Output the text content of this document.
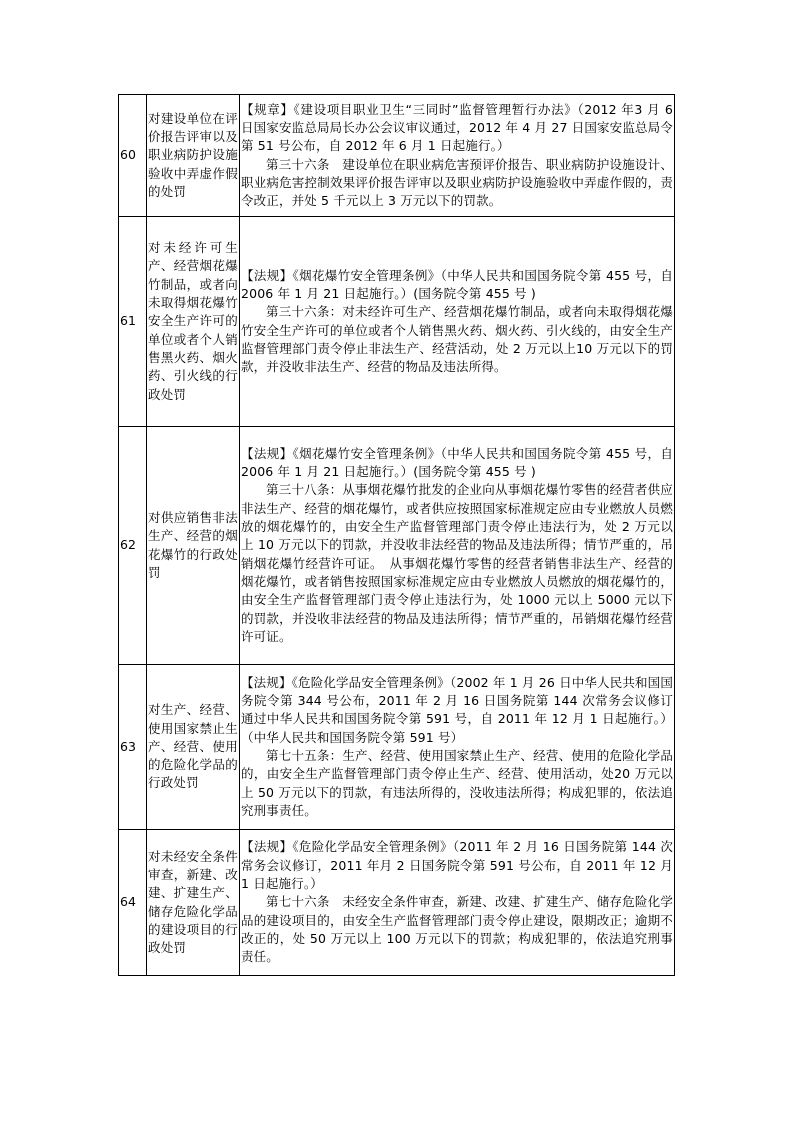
60	对建设单位在评价报告评审以及职业病防护设施验收中弄虚作假的处罚	【规章】《建设项目职业卫生“三同时”监督管理暂行办法》（2012 年3 月 6 日国家安监总局局长办公会议审议通过，2012 年 4 月 27 日国家安监总局令第 51 号公布，自 2012 年 6 月 1 日起施行。）

第三十六条　建设单位在职业病危害预评价报告、职业病防护设施设计、职业病危害控制效果评价报告评审以及职业病防护设施验收中弄虚作假的，责令改正，并处 5 千元以上 3 万元以下的罚款。

61	对未经许可生产、经营烟花爆竹制品，或者向未取得烟花爆竹安全生产许可的单位或者个人销售黑火药、烟火药、引火线的行政处罚	【法规】《烟花爆竹安全管理条例》（中华人民共和国国务院令第 455 号，自 2006 年 1 月 21 日起施行。）(国务院令第 455 号 )

第三十六条：对未经许可生产、经营烟花爆竹制品，或者向未取得烟花爆竹安全生产许可的单位或者个人销售黑火药、烟火药、引火线的，由安全生产监督管理部门责令停止非法生产、经营活动，处 2 万元以上10 万元以下的罚款，并没收非法生产、经营的物品及违法所得。

62	对供应销售非法生产、经营的烟花爆竹的行政处罚	【法规】《烟花爆竹安全管理条例》（中华人民共和国国务院令第 455 号，自 2006 年 1 月 21 日起施行。）(国务院令第 455 号 )

第三十八条：从事烟花爆竹批发的企业向从事烟花爆竹零售的经营者供应非法生产、经营的烟花爆竹，或者供应按照国家标准规定应由专业燃放人员燃放的烟花爆竹的，由安全生产监督管理部门责令停止违法行为，处 2 万元以上 10 万元以下的罚款，并没收非法经营的物品及违法所得；情节严重的，吊销烟花爆竹经营许可证。　从事烟花爆竹零售的经营者销售非法生产、经营的烟花爆竹，或者销售按照国家标准规定应由专业燃放人员燃放的烟花爆竹的，由安全生产监督管理部门责令停止违法行为，处 1000 元以上 5000 元以下的罚款，并没收非法经营的物品及违法所得；情节严重的，吊销烟花爆竹经营许可证。

63	对生产、经营、使用国家禁止生产、经营、使用的危险化学品的行政处罚	【法规】《危险化学品安全管理条例》（2002 年 1 月 26 日中华人民共和国国务院令第 344 号公布，2011 年 2 月 16 日国务院第 144 次常务会议修订通过中华人民共和国国务院令第 591 号，自 2011 年 12 月 1 日起施行。）（中华人民共和国国务院令第 591 号）

第七十五条：生产、经营、使用国家禁止生产、经营、使用的危险化学品的，由安全生产监督管理部门责令停止生产、经营、使用活动，处20 万元以上 50 万元以下的罚款，有违法所得的，没收违法所得；构成犯罪的，依法追究刑事责任。

64	对未经安全条件审查，新建、改建、扩建生产、储存危险化学品的建设项目的行政处罚	【法规】《危险化学品安全管理条例》（2011 年 2 月 16 日国务院第 144 次常务会议修订，2011 年月 2 日国务院令第 591 号公布，自 2011 年 12 月 1 日起施行。）

第七十六条　未经安全条件审查，新建、改建、扩建生产、储存危险化学品的建设项目的，由安全生产监督管理部门责令停止建设，限期改正；逾期不改正的，处 50 万元以上 100 万元以下的罚款；构成犯罪的，依法追究刑事责任。
